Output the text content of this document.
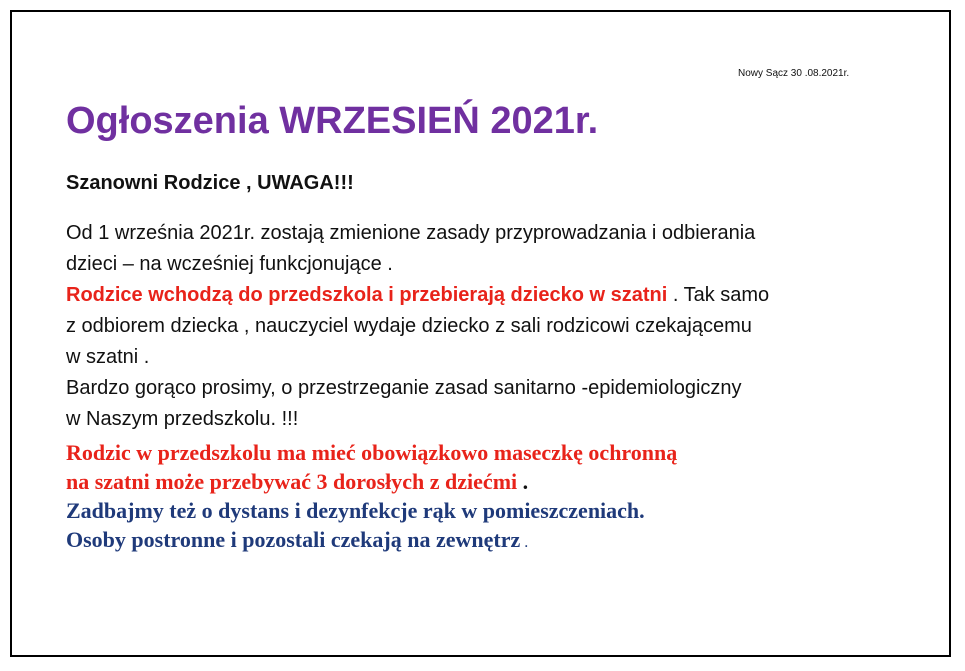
Nowy Sącz 30 .08.2021r.
Ogłoszenia WRZESIEŃ 2021r.
Szanowni Rodzice , UWAGA!!!
Od 1 września 2021r. zostają zmienione zasady przyprowadzania i odbierania
dzieci – na wcześniej funkcjonujące .
Rodzice wchodzą do przedszkola i przebierają dziecko w szatni . Tak samo
z odbiorem dziecka , nauczyciel wydaje dziecko z sali rodzicowi czekającemu
w szatni .
Bardzo gorąco prosimy, o przestrzeganie zasad sanitarno -epidemiologiczny
w Naszym przedszkolu. !!!
Rodzic w przedszkolu ma mieć obowiązkowo maseczkę ochronną
na szatni może przebywać 3 dorosłych z dziećmi .
Zadbajmy też o dystans i dezynfekcje rąk w pomieszczeniach.
Osoby postronne i pozostali czekają na zewnętrz .
